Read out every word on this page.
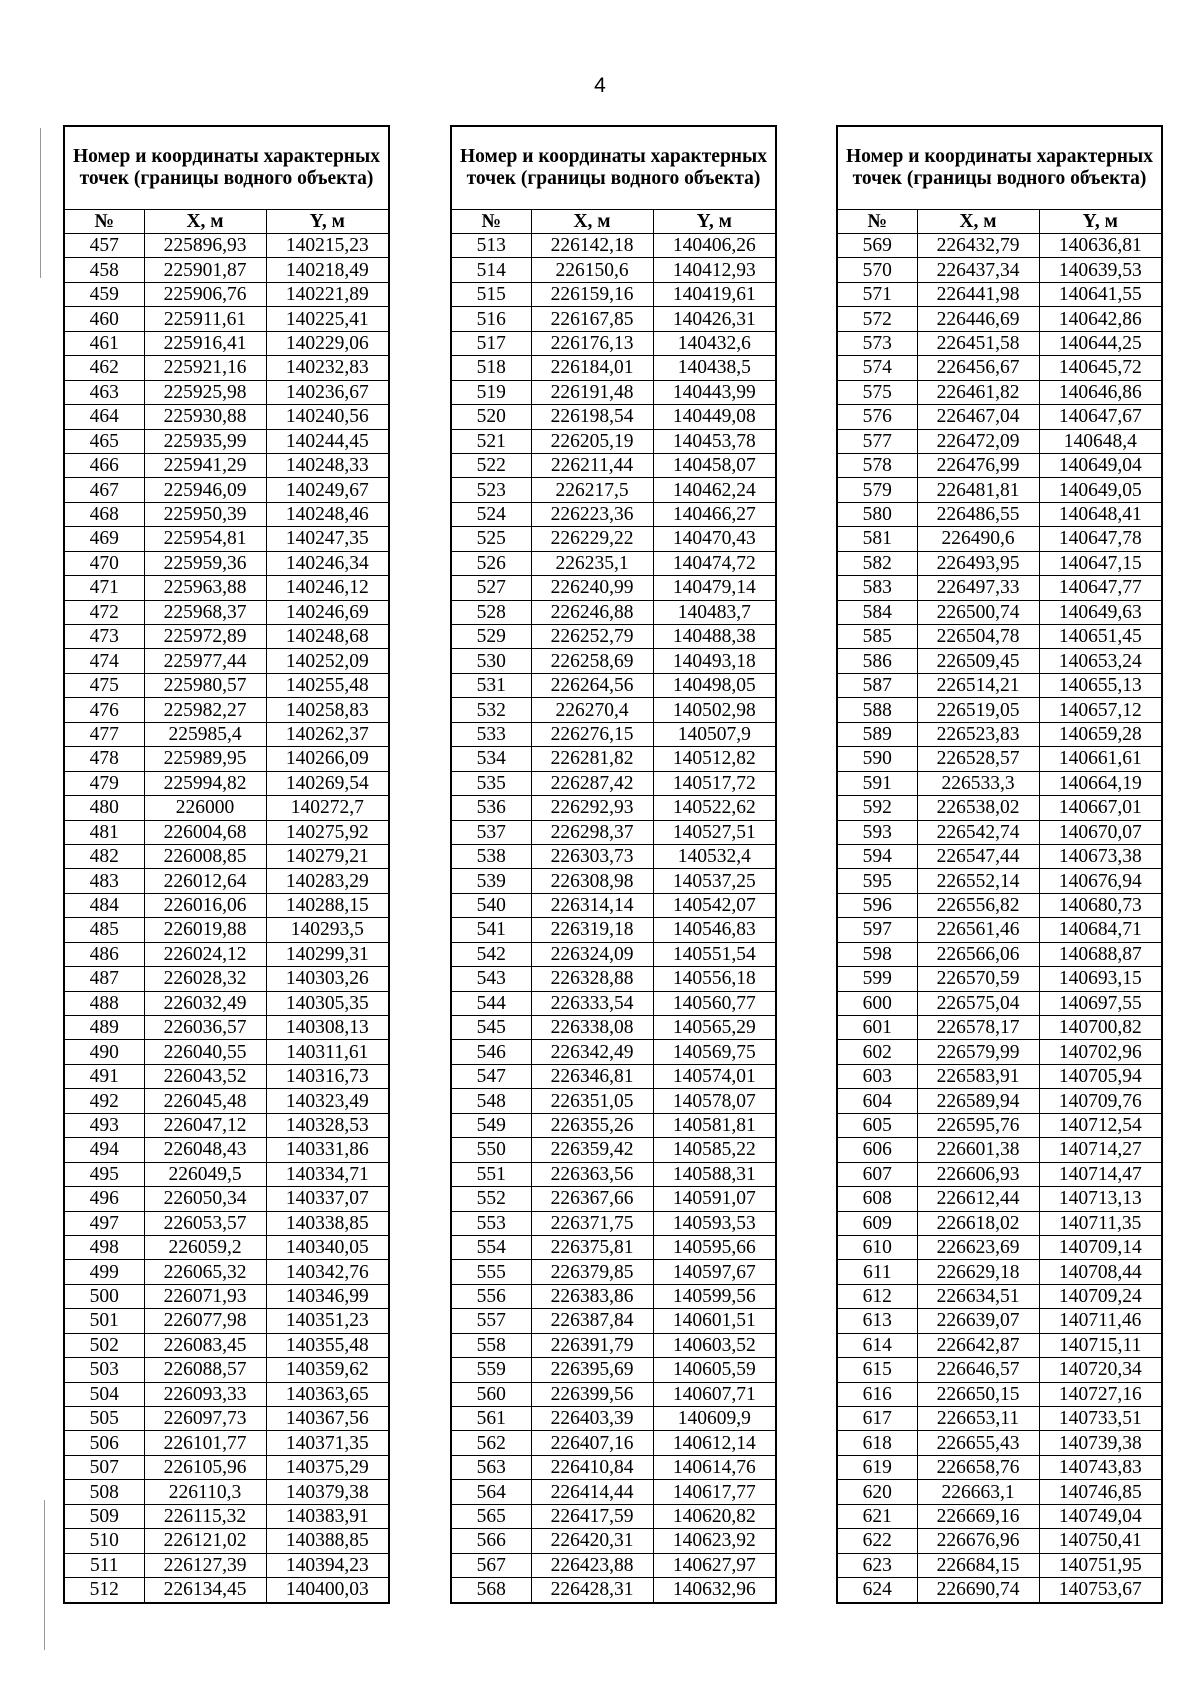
4
Номер и координаты характерных точек (границы водного объекта)		
№	X, м	Y, м
457	225896,93	140215,23
458	225901,87	140218,49
459	225906,76	140221,89
460	225911,61	140225,41
461	225916,41	140229,06
462	225921,16	140232,83
463	225925,98	140236,67
464	225930,88	140240,56
465	225935,99	140244,45
466	225941,29	140248,33
467	225946,09	140249,67
468	225950,39	140248,46
469	225954,81	140247,35
470	225959,36	140246,34
471	225963,88	140246,12
472	225968,37	140246,69
473	225972,89	140248,68
474	225977,44	140252,09
475	225980,57	140255,48
476	225982,27	140258,83
477	225985,4	140262,37
478	225989,95	140266,09
479	225994,82	140269,54
480	226000	140272,7
481	226004,68	140275,92
482	226008,85	140279,21
483	226012,64	140283,29
484	226016,06	140288,15
485	226019,88	140293,5
486	226024,12	140299,31
487	226028,32	140303,26
488	226032,49	140305,35
489	226036,57	140308,13
490	226040,55	140311,61
491	226043,52	140316,73
492	226045,48	140323,49
493	226047,12	140328,53
494	226048,43	140331,86
495	226049,5	140334,71
496	226050,34	140337,07
497	226053,57	140338,85
498	226059,2	140340,05
499	226065,32	140342,76
500	226071,93	140346,99
501	226077,98	140351,23
502	226083,45	140355,48
503	226088,57	140359,62
504	226093,33	140363,65
505	226097,73	140367,56
506	226101,77	140371,35
507	226105,96	140375,29
508	226110,3	140379,38
509	226115,32	140383,91
510	226121,02	140388,85
511	226127,39	140394,23
512	226134,45	140400,03
Номер и координаты характерных точек (границы водного объекта)		
№	X, м	Y, м
513	226142,18	140406,26
514	226150,6	140412,93
515	226159,16	140419,61
516	226167,85	140426,31
517	226176,13	140432,6
518	226184,01	140438,5
519	226191,48	140443,99
520	226198,54	140449,08
521	226205,19	140453,78
522	226211,44	140458,07
523	226217,5	140462,24
524	226223,36	140466,27
525	226229,22	140470,43
526	226235,1	140474,72
527	226240,99	140479,14
528	226246,88	140483,7
529	226252,79	140488,38
530	226258,69	140493,18
531	226264,56	140498,05
532	226270,4	140502,98
533	226276,15	140507,9
534	226281,82	140512,82
535	226287,42	140517,72
536	226292,93	140522,62
537	226298,37	140527,51
538	226303,73	140532,4
539	226308,98	140537,25
540	226314,14	140542,07
541	226319,18	140546,83
542	226324,09	140551,54
543	226328,88	140556,18
544	226333,54	140560,77
545	226338,08	140565,29
546	226342,49	140569,75
547	226346,81	140574,01
548	226351,05	140578,07
549	226355,26	140581,81
550	226359,42	140585,22
551	226363,56	140588,31
552	226367,66	140591,07
553	226371,75	140593,53
554	226375,81	140595,66
555	226379,85	140597,67
556	226383,86	140599,56
557	226387,84	140601,51
558	226391,79	140603,52
559	226395,69	140605,59
560	226399,56	140607,71
561	226403,39	140609,9
562	226407,16	140612,14
563	226410,84	140614,76
564	226414,44	140617,77
565	226417,59	140620,82
566	226420,31	140623,92
567	226423,88	140627,97
568	226428,31	140632,96
Номер и координаты характерных точек (границы водного объекта)		
№	X, м	Y, м
569	226432,79	140636,81
570	226437,34	140639,53
571	226441,98	140641,55
572	226446,69	140642,86
573	226451,58	140644,25
574	226456,67	140645,72
575	226461,82	140646,86
576	226467,04	140647,67
577	226472,09	140648,4
578	226476,99	140649,04
579	226481,81	140649,05
580	226486,55	140648,41
581	226490,6	140647,78
582	226493,95	140647,15
583	226497,33	140647,77
584	226500,74	140649,63
585	226504,78	140651,45
586	226509,45	140653,24
587	226514,21	140655,13
588	226519,05	140657,12
589	226523,83	140659,28
590	226528,57	140661,61
591	226533,3	140664,19
592	226538,02	140667,01
593	226542,74	140670,07
594	226547,44	140673,38
595	226552,14	140676,94
596	226556,82	140680,73
597	226561,46	140684,71
598	226566,06	140688,87
599	226570,59	140693,15
600	226575,04	140697,55
601	226578,17	140700,82
602	226579,99	140702,96
603	226583,91	140705,94
604	226589,94	140709,76
605	226595,76	140712,54
606	226601,38	140714,27
607	226606,93	140714,47
608	226612,44	140713,13
609	226618,02	140711,35
610	226623,69	140709,14
611	226629,18	140708,44
612	226634,51	140709,24
613	226639,07	140711,46
614	226642,87	140715,11
615	226646,57	140720,34
616	226650,15	140727,16
617	226653,11	140733,51
618	226655,43	140739,38
619	226658,76	140743,83
620	226663,1	140746,85
621	226669,16	140749,04
622	226676,96	140750,41
623	226684,15	140751,95
624	226690,74	140753,67
